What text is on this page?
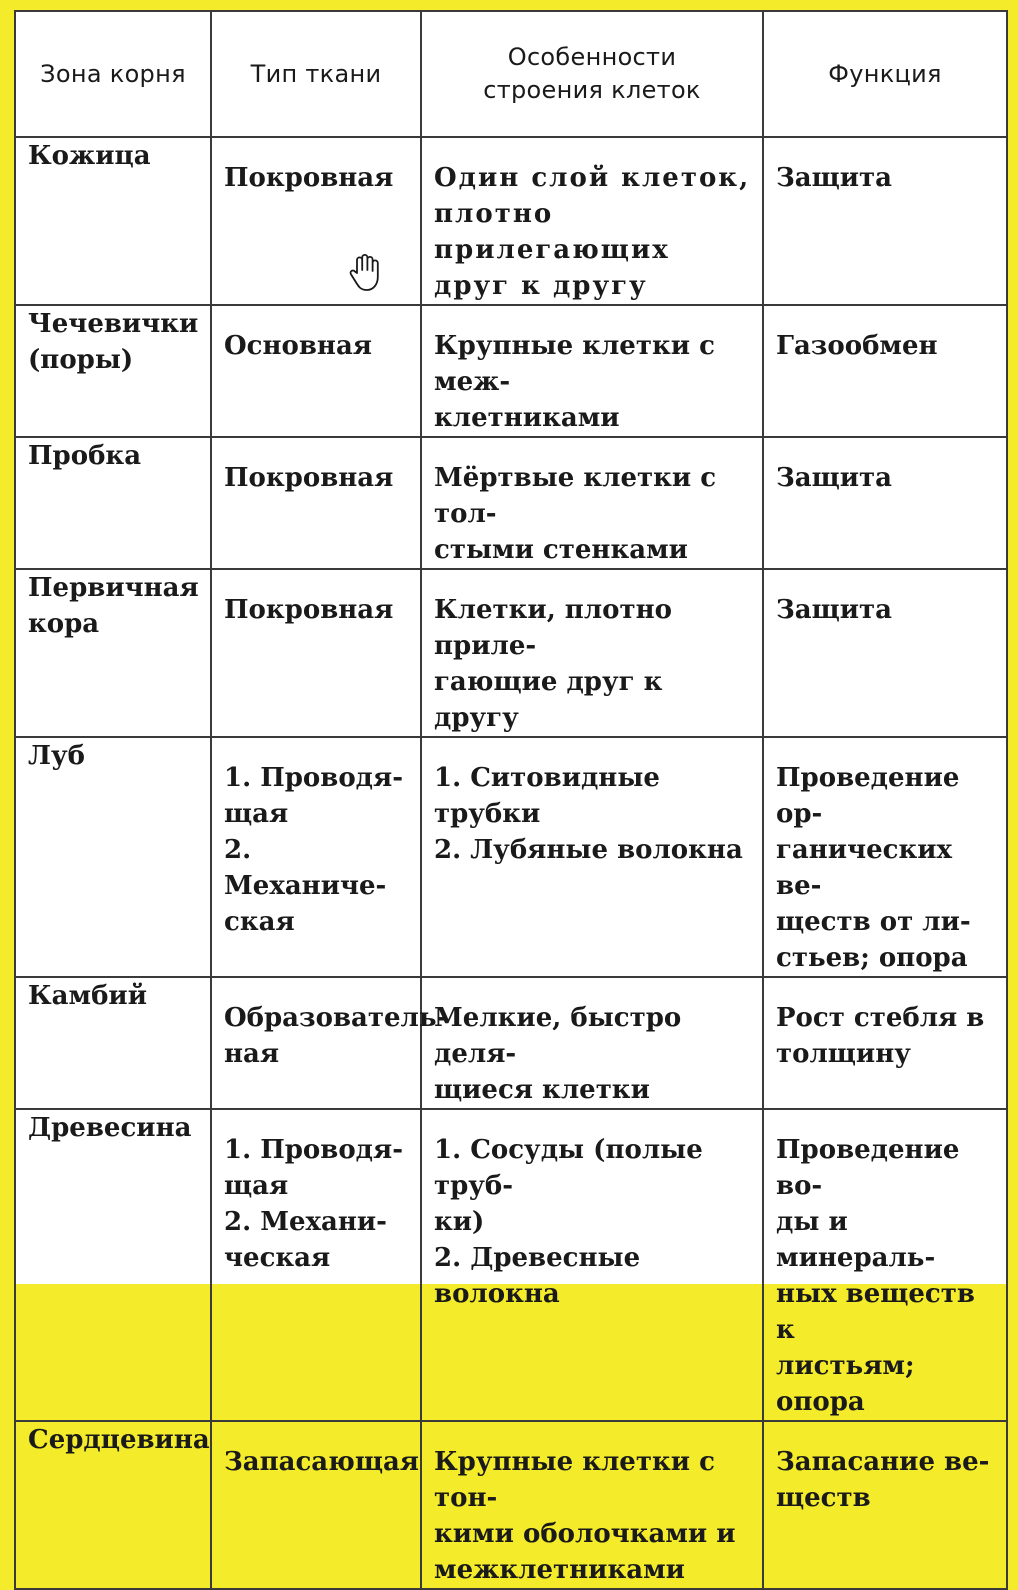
Зона корня	Тип ткани	Особенности
строения клеток	Функция

Кожица	Покровная	Один слой клеток,
плотно прилегающих
друг к другу	Защита

Чечевички
(поры)	Основная	Крупные клетки с меж-
клетниками	Газообмен

Пробка	Покровная	Мёртвые клетки с тол-
стыми стенками	Защита

Первичная
кора	Покровная	Клетки, плотно приле-
гающие друг к другу	Защита

Луб	1. Проводя-
щая
2. Механиче-
ская	1. Ситовидные трубки
2. Лубяные волокна	Проведение ор-
ганических ве-
ществ от ли-
стьев; опора

Камбий	Образователь-
ная	Мелкие, быстро деля-
щиеся клетки	Рост стебля в
толщину

Древесина	1. Проводя-
щая
2. Механи-
ческая	1. Сосуды (полые труб-
ки)
2. Древесные волокна	Проведение во-
ды и минераль-
ных веществ к
листьям; опора

Сердцевина	Запасающая	Крупные клетки с тон-
кими оболочками и
межклетниками	Запасание ве-
ществ
